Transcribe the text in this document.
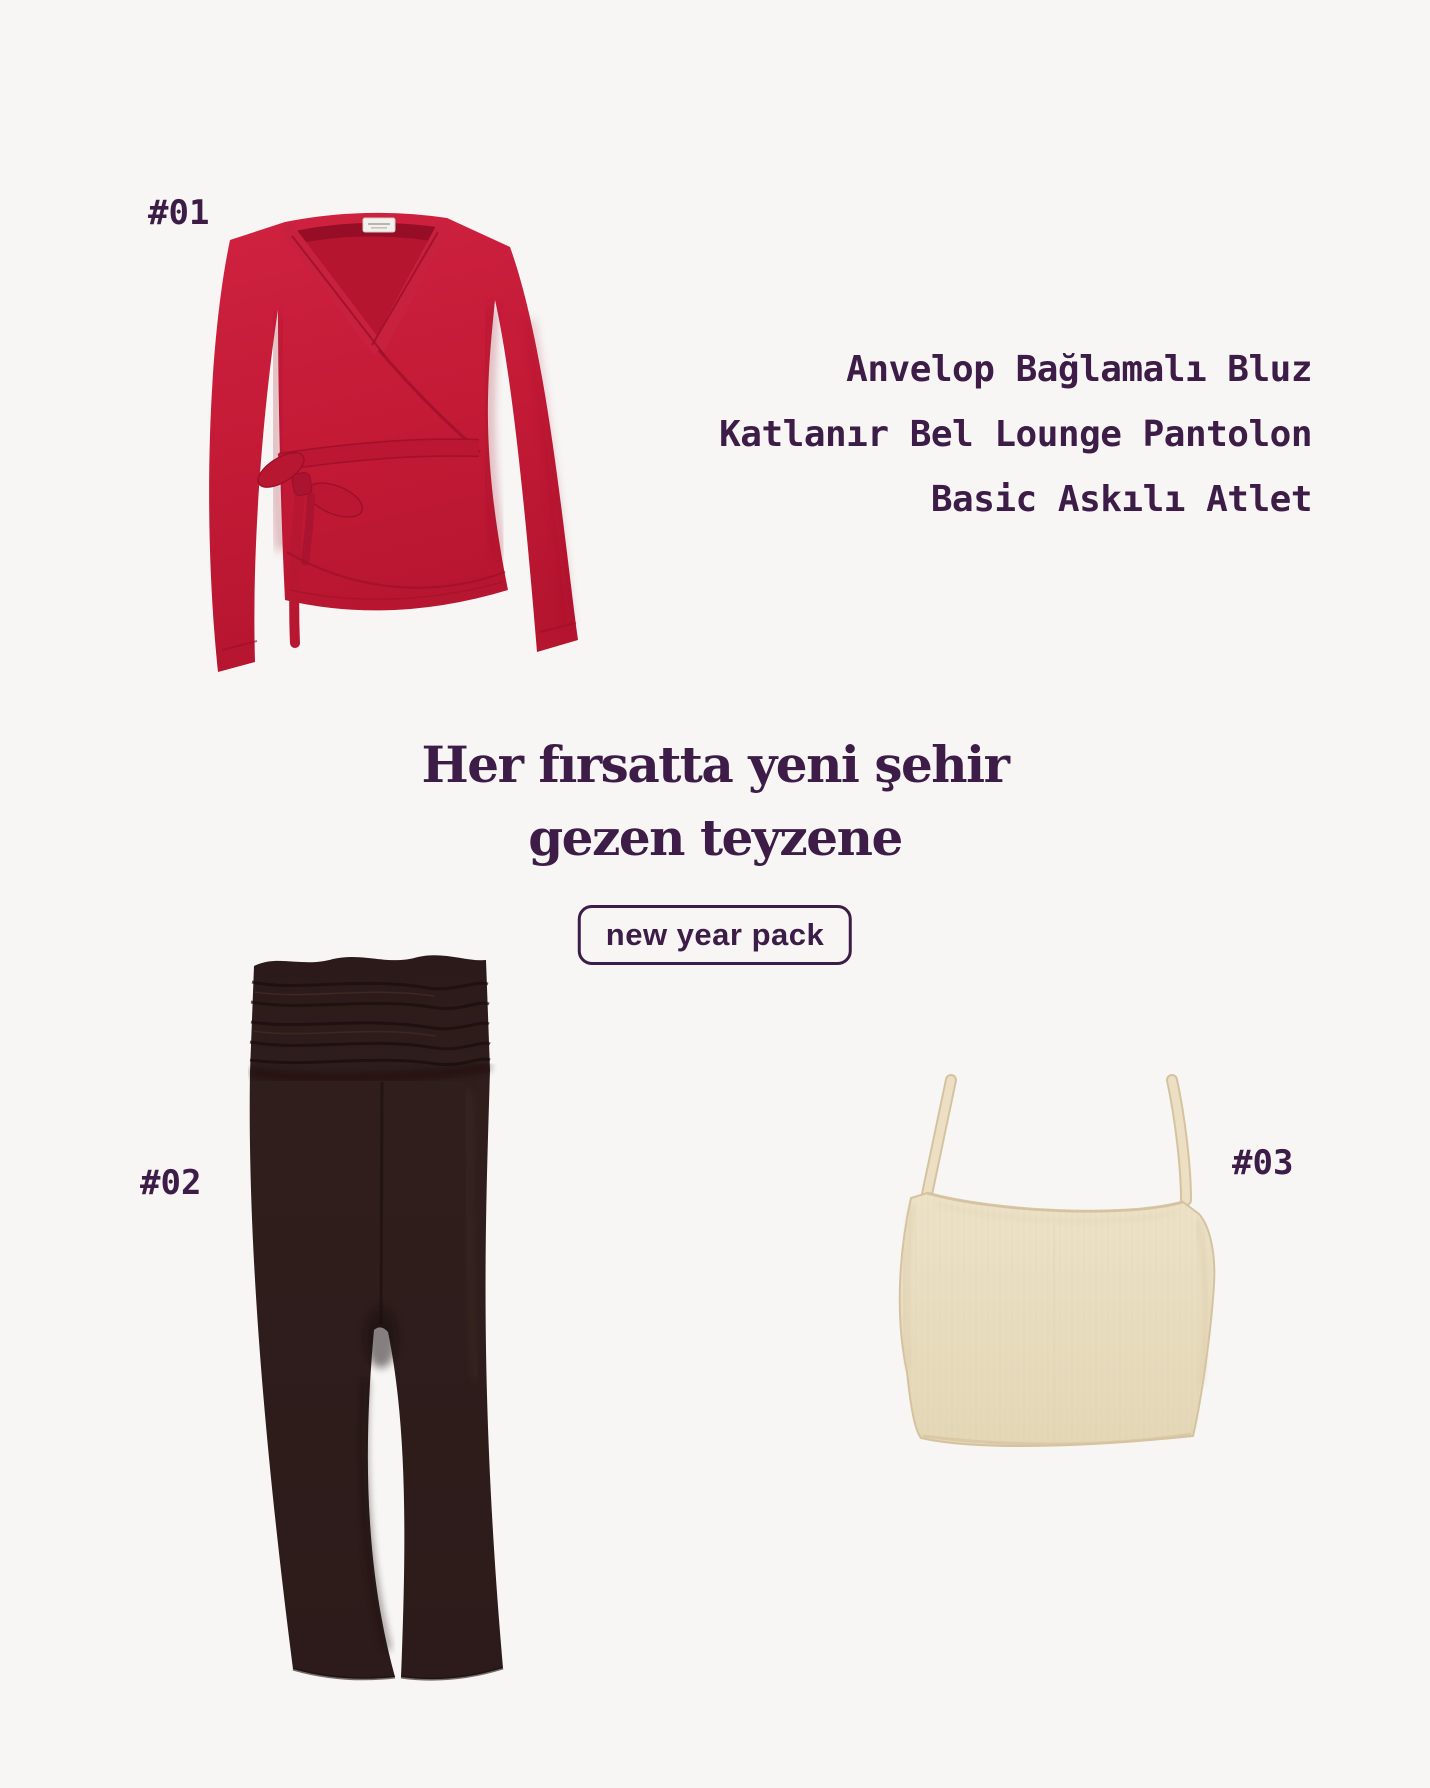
#01
#02	#03
Anvelop Bağlamalı Bluz
Katlanır Bel Lounge Pantolon
Basic Askılı Atlet
Her fırsatta yeni şehir
gezen teyzene
new year pack
